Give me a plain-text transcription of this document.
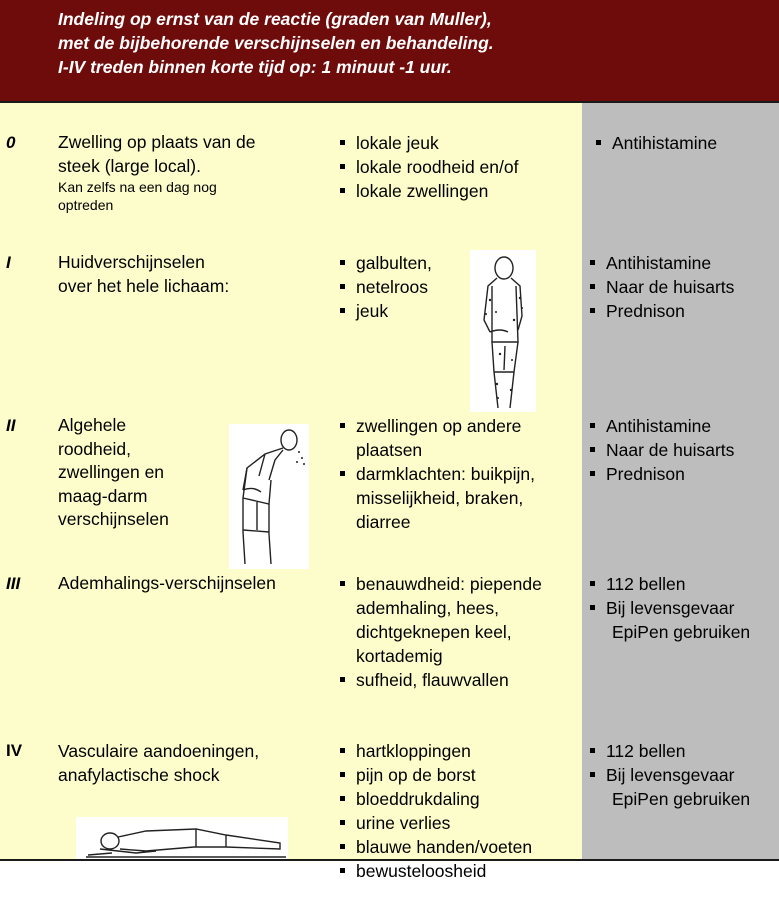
Indeling op ernst van de reactie (graden van Muller),
met de bijbehorende verschijnselen en behandeling.
I-IV treden binnen korte tijd op: 1 minuut -1 uur.
0 Zwelling op plaats van de
steek (large local).
Kan zelfs na een dag nog
optreden
lokale jeuk
lokale roodheid en/of
lokale zwellingen
Antihistamine
I	Huidverschijnselen
over het hele lichaam:
galbulten,
netelroos
jeuk
Antihistamine
Naar de huisarts
Prednison
II Algehele
roodheid,
zwellingen en
maag-darm
verschijnselen
zwellingen op andere
plaatsen
darmklachten: buikpijn,
misselijkheid, braken,
diarree
Antihistamine
Naar de huisarts
Prednison
III Ademhalings-verschijnselen	benauwdheid: piepende
ademhaling, hees,
dichtgeknepen keel,
kortademig
sufheid, flauwvallen
112 bellen
Bij levensgevaar
EpiPen gebruiken
IV Vasculaire aandoeningen,
anafylactische shock
hartkloppingen
pijn op de borst
bloeddrukdaling
urine verlies
blauwe handen/voeten
bewusteloosheid
112 bellen
Bij levensgevaar
EpiPen gebruiken
